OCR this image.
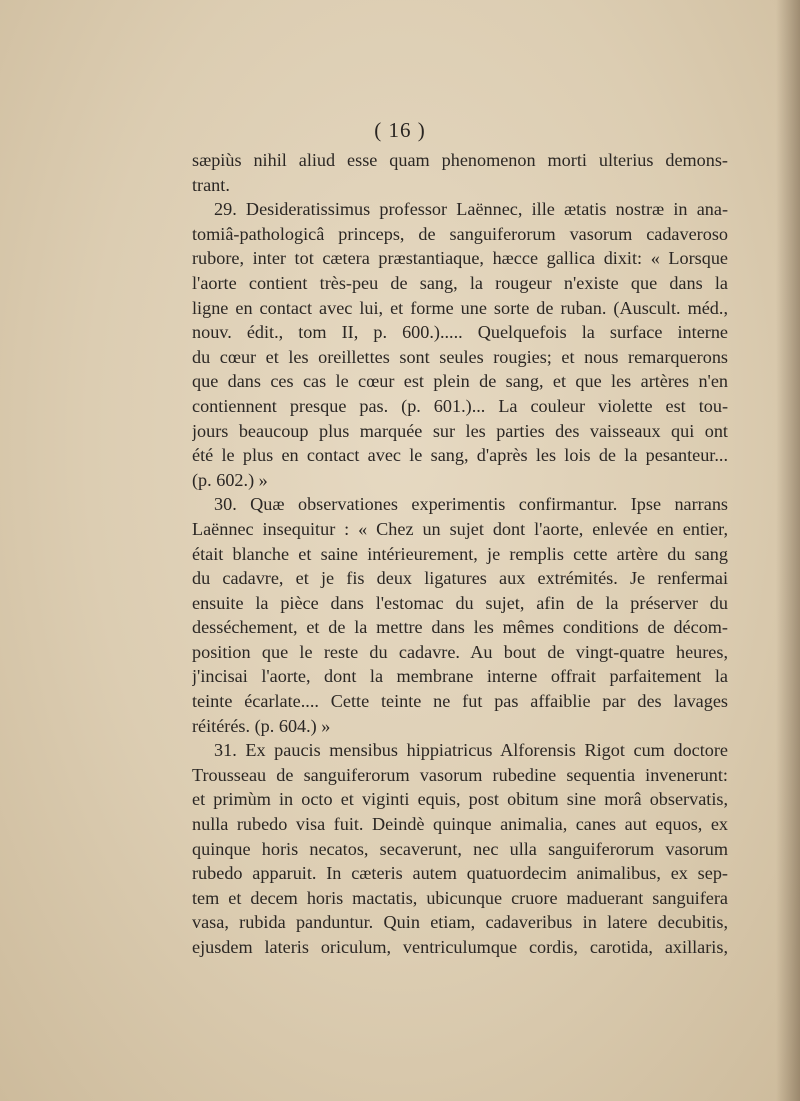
( 16 )
sæpiùs nihil aliud esse quam phenomenon morti ulterius demons-
trant.
29. Desideratissimus professor Laënnec, ille ætatis nostræ in ana-
tomiâ-pathologicâ princeps, de sanguiferorum vasorum cadaveroso
rubore, inter tot cætera præstantiaque, hæcce gallica dixit: « Lorsque
l'aorte contient très-peu de sang, la rougeur n'existe que dans la
ligne en contact avec lui, et forme une sorte de ruban. (Auscult. méd.,
nouv. édit., tom II, p. 600.)..... Quelquefois la surface interne
du cœur et les oreillettes sont seules rougies; et nous remarquerons
que dans ces cas le cœur est plein de sang, et que les artères n'en
contiennent presque pas. (p. 601.)... La couleur violette est tou-
jours beaucoup plus marquée sur les parties des vaisseaux qui ont
été le plus en contact avec le sang, d'après les lois de la pesanteur...
(p. 602.) »
30. Quæ observationes experimentis confirmantur. Ipse narrans
Laënnec insequitur : « Chez un sujet dont l'aorte, enlevée en entier,
était blanche et saine intérieurement, je remplis cette artère du sang
du cadavre, et je fis deux ligatures aux extrémités. Je renfermai
ensuite la pièce dans l'estomac du sujet, afin de la préserver du
desséchement, et de la mettre dans les mêmes conditions de décom-
position que le reste du cadavre. Au bout de vingt-quatre heures,
j'incisai l'aorte, dont la membrane interne offrait parfaitement la
teinte écarlate.... Cette teinte ne fut pas affaiblie par des lavages
réitérés. (p. 604.) »
31. Ex paucis mensibus hippiatricus Alforensis Rigot cum doctore
Trousseau de sanguiferorum vasorum rubedine sequentia invenerunt:
et primùm in octo et viginti equis, post obitum sine morâ observatis,
nulla rubedo visa fuit. Deindè quinque animalia, canes aut equos, ex
quinque horis necatos, secaverunt, nec ulla sanguiferorum vasorum
rubedo apparuit. In cæteris autem quatuordecim animalibus, ex sep-
tem et decem horis mactatis, ubicunque cruore maduerant sanguifera
vasa, rubida panduntur. Quin etiam, cadaveribus in latere decubitis,
ejusdem lateris oriculum, ventriculumque cordis, carotida, axillaris,
